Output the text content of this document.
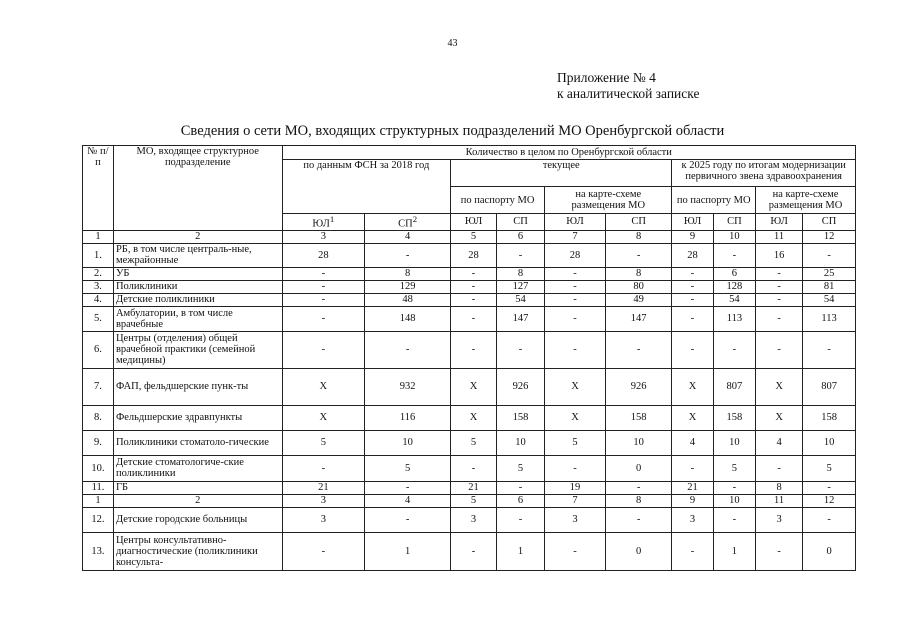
43
Приложение № 4
к аналитической записке
Сведения о сети МО, входящих структурных подразделений МО Оренбургской области
№ п/п	МО, входящее структурное подразделение	Количество в целом по Оренбургской области									
		по данным ФСН за 2018 год		текущее				к 2025 году по итогам модернизации первичного звена здравоохранения			
				по паспорту МО		на карте-схеме размещения МО		по паспорту МО		на карте-схеме размещения МО	
		$ЮЛ^1$	$СП^2$	ЮЛ	СП	ЮЛ	СП	ЮЛ	СП	ЮЛ	СП
1	2	3	4	5	6	7	8	9	10	11	12
1.	РБ, в том числе централь-ные, межрайонные	28	-	28	-	28	-	28	-	16	-
2.	УБ	-	8	-	8	-	8	-	6	-	25
3.	Поликлиники	-	129	-	127	-	80	-	128	-	81
4.	Детские поликлиники	-	48	-	54	-	49	-	54	-	54
5.	Амбулатории, в том числе врачебные	-	148	-	147	-	147	-	113	-	113
6.	Центры (отделения) общей врачебной практики (семейной медицины)	-	-	-	-	-	-	-	-	-	-
7.	ФАП, фельдшерские пунк-ты	X	932	X	926	X	926	X	807	X	807
8.	Фельдшерские здравпункты	X	116	X	158	X	158	X	158	X	158
9.	Поликлиники стоматоло-гические	5	10	5	10	5	10	4	10	4	10
10.	Детские стоматологиче-ские поликлиники	-	5	-	5	-	0	-	5	-	5
11.	ГБ	21	-	21	-	19	-	21	-	8	-
1	2	3	4	5	6	7	8	9	10	11	12
12.	Детские городские больницы	3	-	3	-	3	-	3	-	3	-
13.	Центры консультативно-диагностические (поликлиники консульта-	-	1	-	1	-	0	-	1	-	0
